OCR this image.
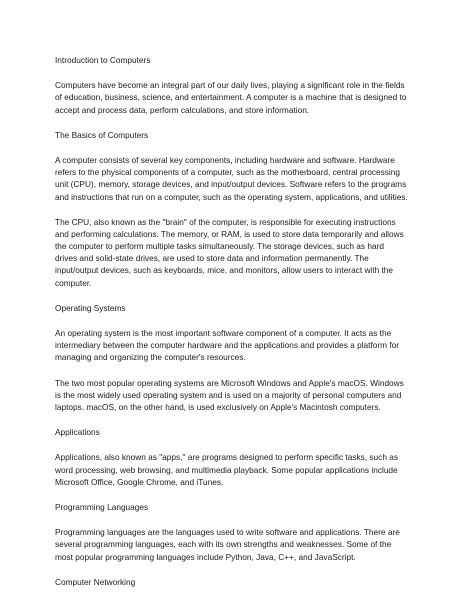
Introduction to Computers
Computers have become an integral part of our daily lives, playing a significant role in the fields
of education, business, science, and entertainment. A computer is a machine that is designed to
accept and process data, perform calculations, and store information.
The Basics of Computers
A computer consists of several key components, including hardware and software. Hardware
refers to the physical components of a computer, such as the motherboard, central processing
unit (CPU), memory, storage devices, and input/output devices. Software refers to the programs
and instructions that run on a computer, such as the operating system, applications, and utilities.
The CPU, also known as the "brain" of the computer, is responsible for executing instructions
and performing calculations. The memory, or RAM, is used to store data temporarily and allows
the computer to perform multiple tasks simultaneously. The storage devices, such as hard
drives and solid-state drives, are used to store data and information permanently. The
input/output devices, such as keyboards, mice, and monitors, allow users to interact with the
computer.
Operating Systems
An operating system is the most important software component of a computer. It acts as the
intermediary between the computer hardware and the applications and provides a platform for
managing and organizing the computer's resources.
The two most popular operating systems are Microsoft Windows and Apple's macOS. Windows
is the most widely used operating system and is used on a majority of personal computers and
laptops. macOS, on the other hand, is used exclusively on Apple's Macintosh computers.
Applications
Applications, also known as "apps," are programs designed to perform specific tasks, such as
word processing, web browsing, and multimedia playback. Some popular applications include
Microsoft Office, Google Chrome, and iTunes.
Programming Languages
Programming languages are the languages used to write software and applications. There are
several programming languages, each with its own strengths and weaknesses. Some of the
most popular programming languages include Python, Java, C++, and JavaScript.
Computer Networking
